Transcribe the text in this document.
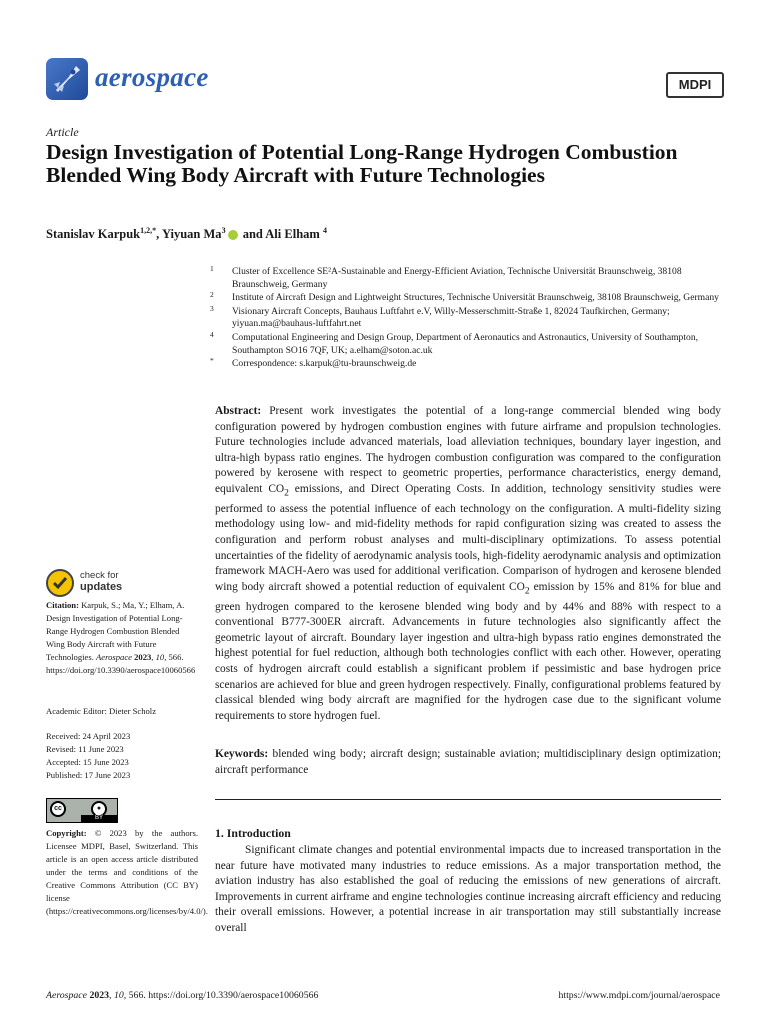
aerospace	MDPI
Article
Design Investigation of Potential Long-Range Hydrogen Combustion Blended Wing Body Aircraft with Future Technologies
Stanislav Karpuk$^{1,2,*}$, Yiyuan Ma$^3$ and Ali Elham $^4$
1 Cluster of Excellence SE²A-Sustainable and Energy-Efficient Aviation, Technische Universität Braunschweig, 38108 Braunschweig, Germany
2 Institute of Aircraft Design and Lightweight Structures, Technische Universität Braunschweig, 38108 Braunschweig, Germany
3 Visionary Aircraft Concepts, Bauhaus Luftfahrt e.V, Willy-Messerschmitt-Straße 1, 82024 Taufkirchen, Germany; yiyuan.ma@bauhaus-luftfahrt.net
4 Computational Engineering and Design Group, Department of Aeronautics and Astronautics, University of Southampton, Southampton SO16 7QF, UK; a.elham@soton.ac.uk
* Correspondence: s.karpuk@tu-braunschweig.de
Abstract: Present work investigates the potential of a long-range commercial blended wing body configuration powered by hydrogen combustion engines with future airframe and propulsion technologies. Future technologies include advanced materials, load alleviation techniques, boundary layer ingestion, and ultra-high bypass ratio engines. The hydrogen combustion configuration was compared to the configuration powered by kerosene with respect to geometric properties, performance characteristics, energy demand, equivalent $CO_2$ emissions, and Direct Operating Costs. In addition, technology sensitivity studies were performed to assess the potential influence of each technology on the configuration. A multi-fidelity sizing methodology using low- and mid-fidelity methods for rapid configuration sizing was created to assess the configuration and perform robust analyses and multi-disciplinary optimizations. To assess potential uncertainties of the fidelity of aerodynamic analysis tools, high-fidelity aerodynamic analysis and optimization framework MACH-Aero was used for additional verification. Comparison of hydrogen and kerosene blended wing body aircraft showed a potential reduction of equivalent $CO_2$ emission by 15% and 81% for blue and green hydrogen compared to the kerosene blended wing body and by 44% and 88% with respect to a conventional B777-300ER aircraft. Advancements in future technologies also significantly affect the geometric layout of aircraft. Boundary layer ingestion and ultra-high bypass ratio engines demonstrated the highest potential for fuel reduction, although both technologies conflict with each other. However, operating costs of hydrogen aircraft could establish a significant problem if pessimistic and base hydrogen price scenarios are achieved for blue and green hydrogen respectively. Finally, configurational problems featured by classical blended wing body aircraft are magnified for the hydrogen case due to the significant volume requirements to store hydrogen fuel.
Keywords: blended wing body; aircraft design; sustainable aviation; multidisciplinary design optimization; aircraft performance
1. Introduction
Significant climate changes and potential environmental impacts due to increased transportation in the near future have motivated many industries to reduce emissions. As a major transportation method, the aviation industry has also established the goal of reducing the emissions of new generations of aircraft. Improvements in current airframe and engine technologies continue increasing aircraft efficiency and reducing their overall emissions. However, a potential increase in air transportation may still substantially increase overall
check for
updates
Citation: Karpuk, S.; Ma, Y.; Elham, A. Design Investigation of Potential Long-Range Hydrogen Combustion Blended Wing Body Aircraft with Future Technologies. Aerospace 2023, 10, 566. https://doi.org/10.3390/aerospace10060566
Academic Editor: Dieter Scholz
Received: 24 April 2023
Revised: 11 June 2023
Accepted: 15 June 2023
Published: 17 June 2023
cc	●
BY
Copyright: © 2023 by the authors. Licensee MDPI, Basel, Switzerland. This article is an open access article distributed under the terms and conditions of the Creative Commons Attribution (CC BY) license (https://creativecommons.org/licenses/by/4.0/).
Aerospace 2023, 10, 566. https://doi.org/10.3390/aerospace10060566	https://www.mdpi.com/journal/aerospace
